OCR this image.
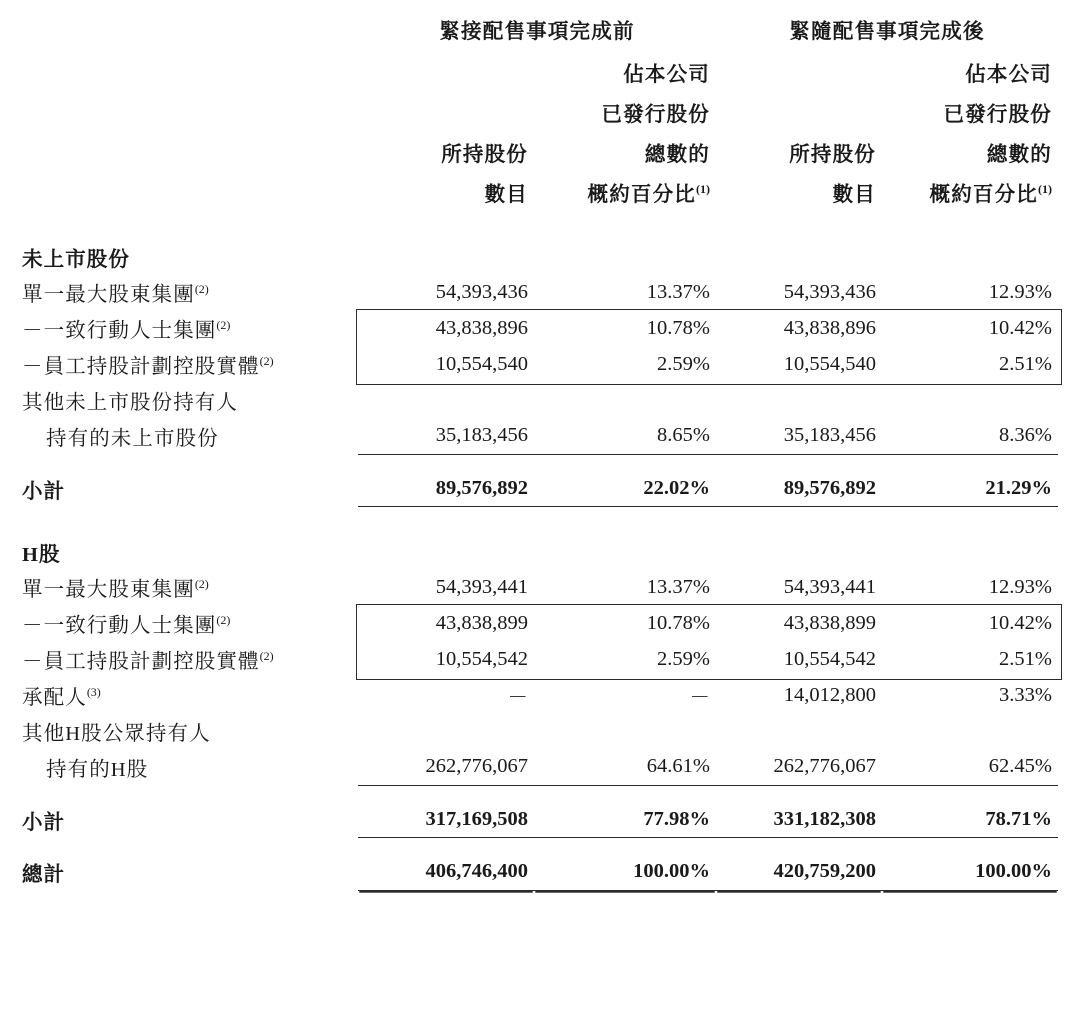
	緊接配售事項完成前		緊隨配售事項完成後	
		佔本公司		佔本公司
		已發行股份		已發行股份
	所持股份	總數的	所持股份	總數的
	數目	概約百分比$^{(1)}$	數目	概約百分比$^{(1)}$

未上市股份				
單一最大股東集團$^{(2)}$	54,393,436	13.37%	54,393,436	12.93%
－一致行動人士集團$^{(2)}$	43,838,896	10.78%	43,838,896	10.42%
－員工持股計劃控股實體$^{(2)}$	10,554,540	2.59%	10,554,540	2.51%
其他未上市股份持有人				
持有的未上市股份	35,183,456	8.65%	35,183,456	8.36%

小計	89,576,892	22.02%	89,576,892	21.29%

H股				
單一最大股東集團$^{(2)}$	54,393,441	13.37%	54,393,441	12.93%
－一致行動人士集團$^{(2)}$	43,838,899	10.78%	43,838,899	10.42%
－員工持股計劃控股實體$^{(2)}$	10,554,542	2.59%	10,554,542	2.51%
承配人$^{(3)}$	－	－	14,012,800	3.33%
其他H股公眾持有人				
持有的H股	262,776,067	64.61%	262,776,067	62.45%

小計	317,169,508	77.98%	331,182,308	78.71%

總計	406,746,400	100.00%	420,759,200	100.00%
